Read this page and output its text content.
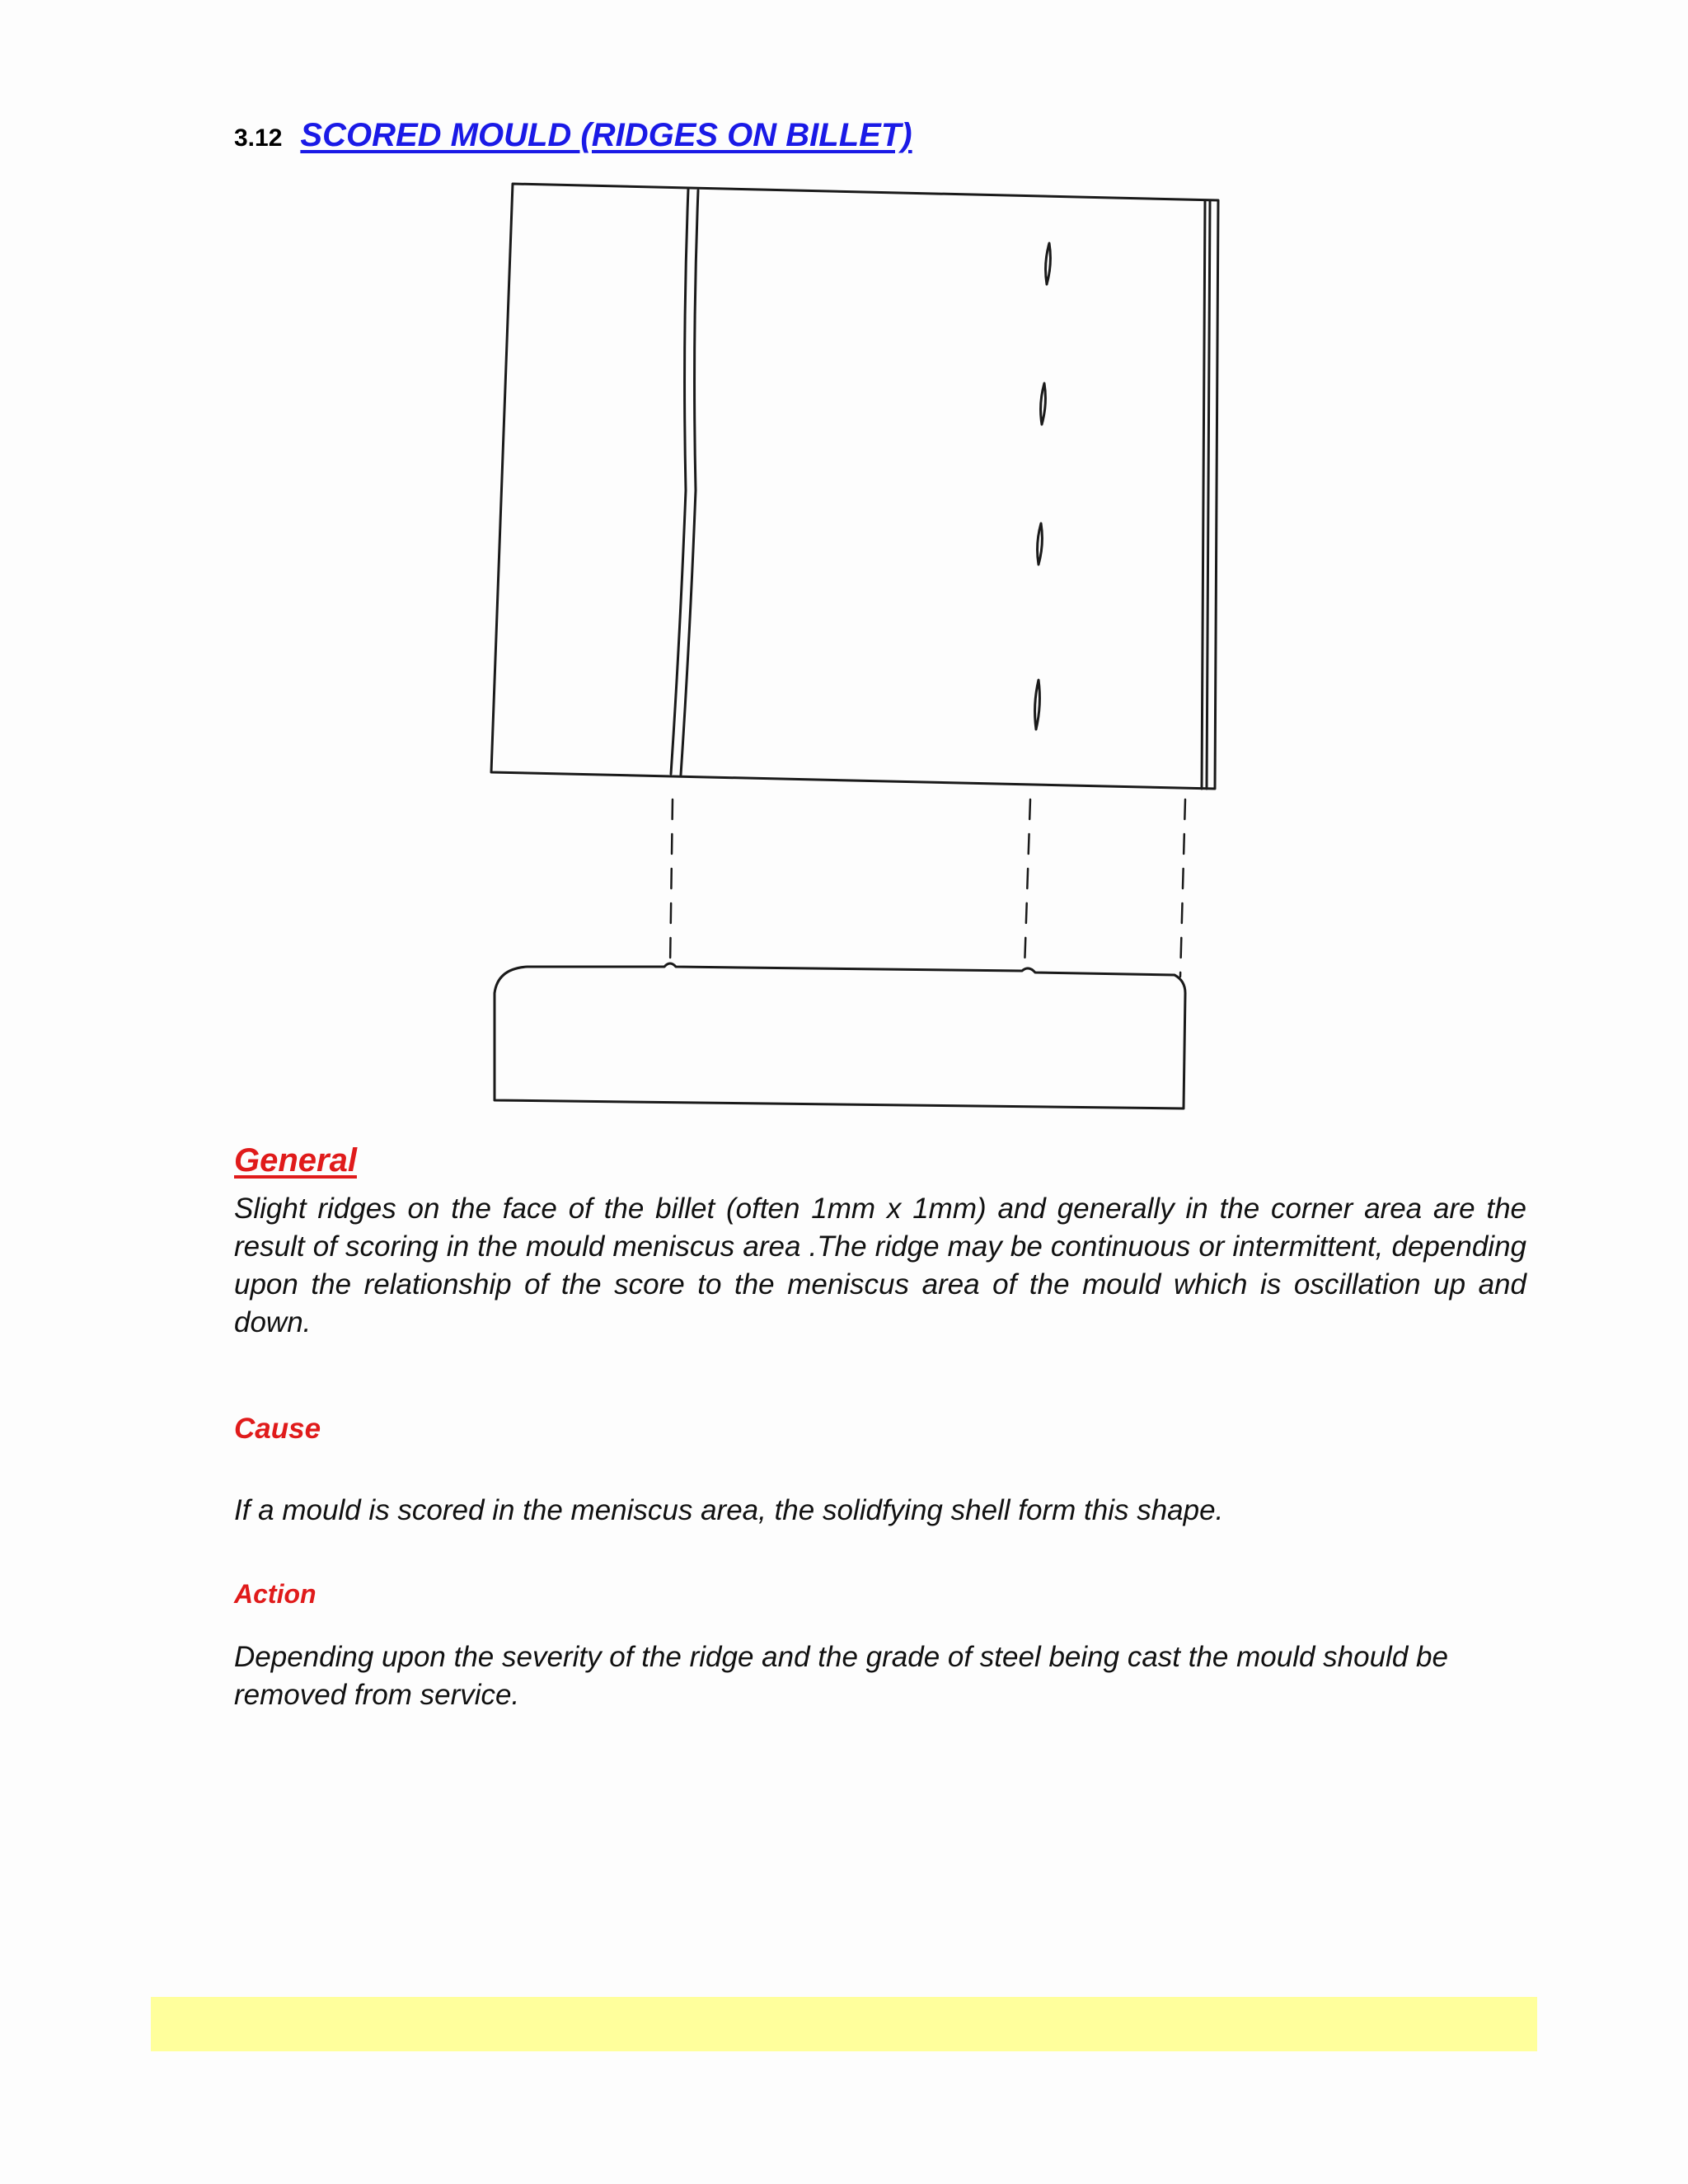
3.12 SCORED MOULD (RIDGES ON BILLET)
General

Slight ridges on the face of the billet (often 1mm x 1mm) and generally in the corner area are the result of scoring in the mould meniscus area .The ridge may be continuous or intermittent, depending upon the relationship of the score to the meniscus area of the mould which is oscillation up and down.

Cause

If a mould is scored in the meniscus area, the solidfying shell form this shape.

Action

Depending upon the severity of the ridge and the grade of steel being cast the mould should be removed from service.
